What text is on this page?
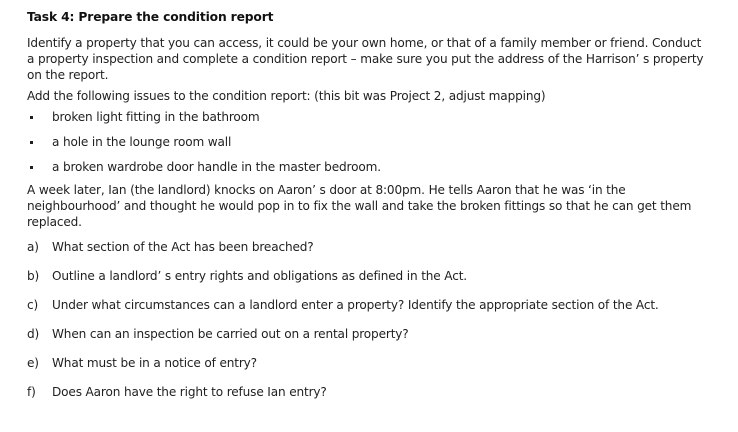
Task 4: Prepare the condition report

Identify a property that you can access, it could be your own home, or that of a family member or friend. Conduct a property inspection and complete a condition report – make sure you put the address of the Harrison’ s property on the report.

Add the following issues to the condition report: (this bit was Project 2, adjust mapping)

broken light fitting in the bathroom
a hole in the lounge room wall
a broken wardrobe door handle in the master bedroom.

A week later, Ian (the landlord) knocks on Aaron’ s door at 8:00pm. He tells Aaron that he was ‘in the neighbourhood’ and thought he would pop in to fix the wall and take the broken fittings so that he can get them replaced.

a) What section of the Act has been breached?
b) Outline a landlord’ s entry rights and obligations as defined in the Act.
c) Under what circumstances can a landlord enter a property? Identify the appropriate section of the Act.
d) When can an inspection be carried out on a rental property?
e) What must be in a notice of entry?
f) Does Aaron have the right to refuse Ian entry?
